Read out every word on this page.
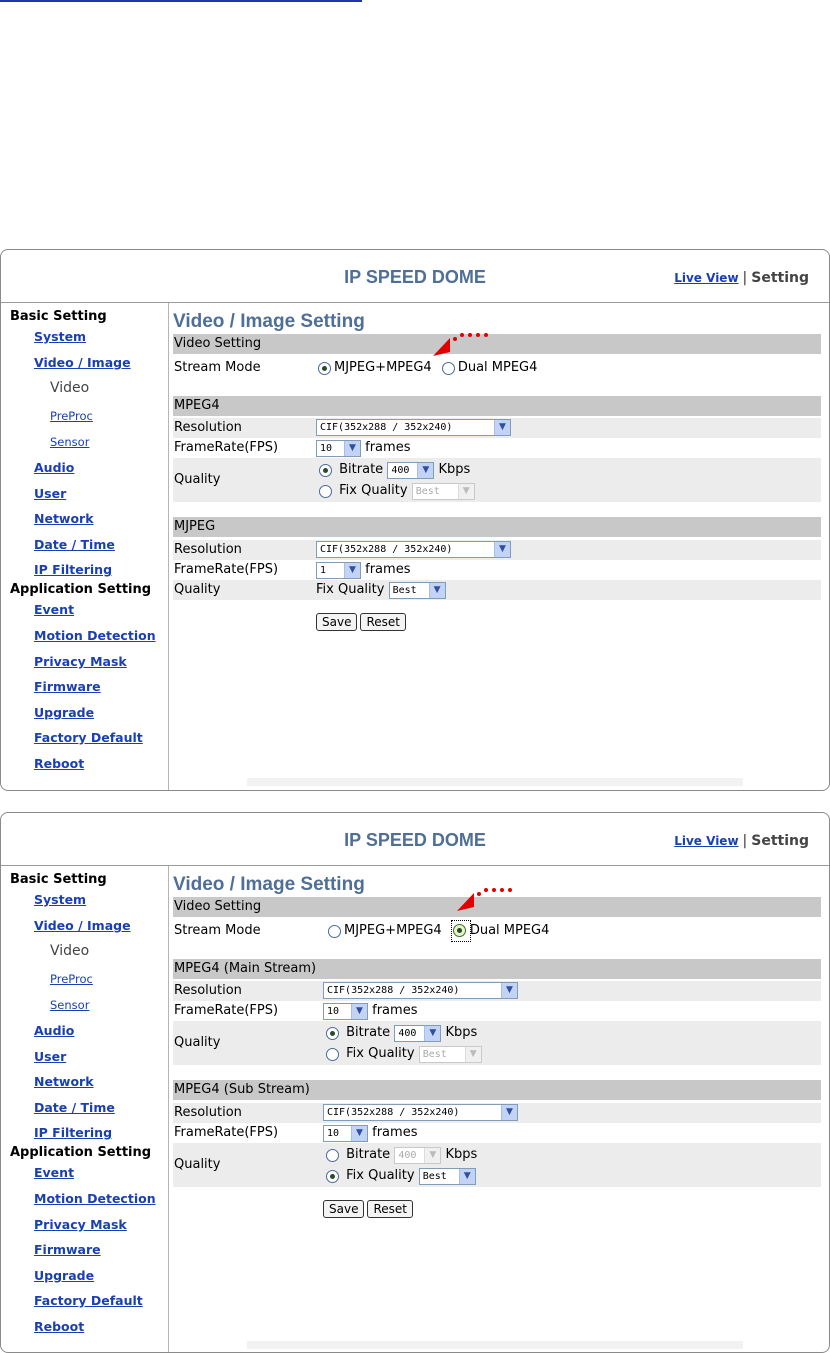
IP SPEED DOME	Live View | Setting
Basic Setting
System
Video / Image
Video
PreProc
Sensor
Audio
User
Network
Date / Time
IP Filtering
Application Setting
Event
Motion Detection
Privacy Mask
Firmware
Upgrade
Factory Default
Reboot
Video / Image Setting
Video Setting
Stream Mode	MJPEG+MPEG4 Dual MPEG4
MPEG4
Resolution	CIF(352x288 / 352x240)	▼
FrameRate(FPS)	10	▼ frames
Quality
Bitrate 400	▼ Kbps
Fix Quality Best	▼
MJPEG
Resolution	CIF(352x288 / 352x240)	▼
FrameRate(FPS)	1	▼ frames
Quality	Fix Quality Best	▼
Save Reset
IP SPEED DOME	Live View | Setting
Basic Setting
System
Video / Image
Video
PreProc
Sensor
Audio
User
Network
Date / Time
IP Filtering
Application Setting
Event
Motion Detection
Privacy Mask
Firmware
Upgrade
Factory Default
Reboot
Video / Image Setting
Video Setting
Stream Mode	MJPEG+MPEG4 Dual MPEG4
MPEG4 (Main Stream)
Resolution	CIF(352x288 / 352x240)	▼
FrameRate(FPS)	10	▼ frames
Quality
Bitrate 400	▼ Kbps
Fix Quality Best	▼
MPEG4 (Sub Stream)
Resolution	CIF(352x288 / 352x240)	▼
FrameRate(FPS)	10	▼ frames
Quality
Bitrate 400	▼ Kbps
Fix Quality Best	▼
Save Reset
